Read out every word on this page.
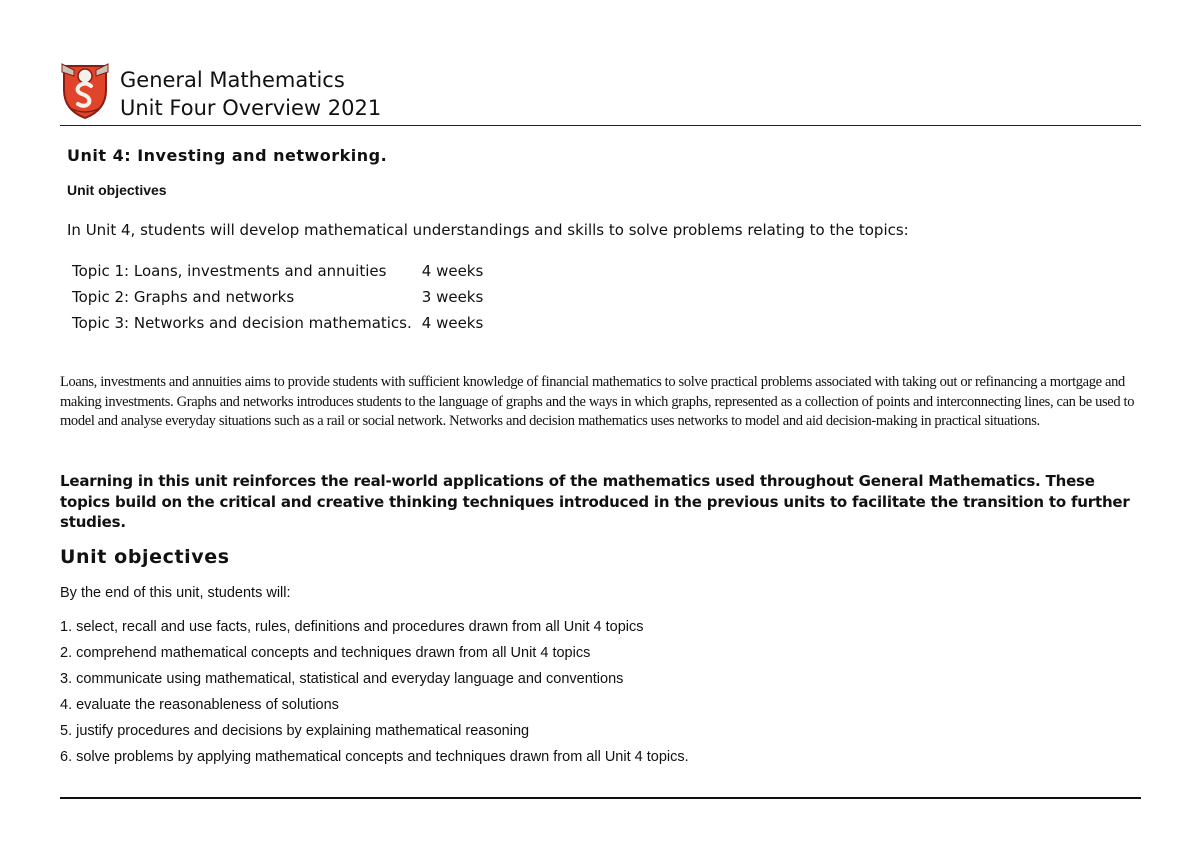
General Mathematics
Unit Four Overview 2021
Unit 4: Investing and networking.
Unit objectives
In Unit 4, students will develop mathematical understandings and skills to solve problems relating to the topics:
Topic 1: Loans, investments and annuities	4 weeks
Topic 2: Graphs and networks	3 weeks
Topic 3: Networks and decision mathematics.	4 weeks
Loans, investments and annuities aims to provide students with sufficient knowledge of financial mathematics to solve practical problems associated with taking out or refinancing a mortgage and making investments. Graphs and networks introduces students to the language of graphs and the ways in which graphs, represented as a collection of points and interconnecting lines, can be used to model and analyse everyday situations such as a rail or social network. Networks and decision mathematics uses networks to model and aid decision-making in practical situations.
Learning in this unit reinforces the real-world applications of the mathematics used throughout General Mathematics. These topics build on the critical and creative thinking techniques introduced in the previous units to facilitate the transition to further studies.
Unit objectives
By the end of this unit, students will:
1. select, recall and use facts, rules, definitions and procedures drawn from all Unit 4 topics
2. comprehend mathematical concepts and techniques drawn from all Unit 4 topics
3. communicate using mathematical, statistical and everyday language and conventions
4. evaluate the reasonableness of solutions
5. justify procedures and decisions by explaining mathematical reasoning
6. solve problems by applying mathematical concepts and techniques drawn from all Unit 4 topics.
